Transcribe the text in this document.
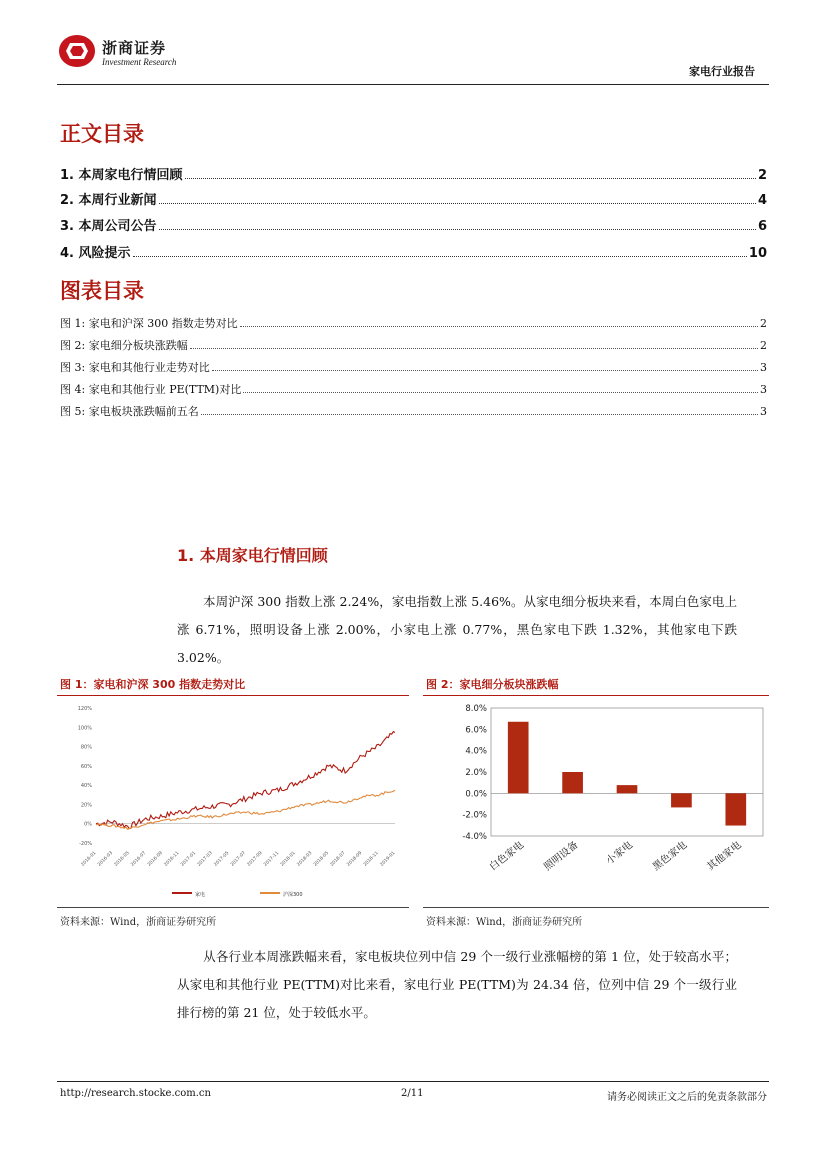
浙商证券
Investment Research
家电行业报告
正文目录
1. 本周家电行情回顾	2
2. 本周行业新闻	4
3. 本周公司公告	6
4. 风险提示	10
图表目录
图 1: 家电和沪深 300 指数走势对比	2
图 2: 家电细分板块涨跌幅	2
图 3: 家电和其他行业走势对比	3
图 4: 家电和其他行业 PE(TTM)对比	3
图 5: 家电板块涨跌幅前五名	3
1. 本周家电行情回顾
本周沪深 300 指数上涨 2.24%，家电指数上涨 5.46%。从家电细分板块来看，本周白色家电上涨 6.71%，照明设备上涨 2.00%，小家电上涨 0.77%，黑色家电下跌 1.32%，其他家电下跌 3.02%。
图 1：家电和沪深 300 指数走势对比
-20%
0%
20%
40%
60%
80%
100%
120%
2016-01 2016-03 2016-05 2016-07 2016-09 2016-11 2017-01 2017-03 2017-05 2017-07 2017-09 2017-11 2018-01 2018-03 2018-05 2018-07 2018-09 2018-11 2019-01
家电	沪深300
资料来源：Wind，浙商证券研究所
图 2：家电细分板块涨跌幅
8.0%
6.0%
4.0%
2.0%
0.0%
-2.0%
-4.0%
白色家电 照明设备 小家电 黑色家电 其他家电
资料来源：Wind，浙商证券研究所
从各行业本周涨跌幅来看，家电板块位列中信 29 个一级行业涨幅榜的第 1 位，处于较高水平；从家电和其他行业 PE(TTM)对比来看，家电行业 PE(TTM)为 24.34 倍，位列中信 29 个一级行业排行榜的第 21 位，处于较低水平。
http://research.stocke.com.cn	2/11	请务必阅读正文之后的免责条款部分
